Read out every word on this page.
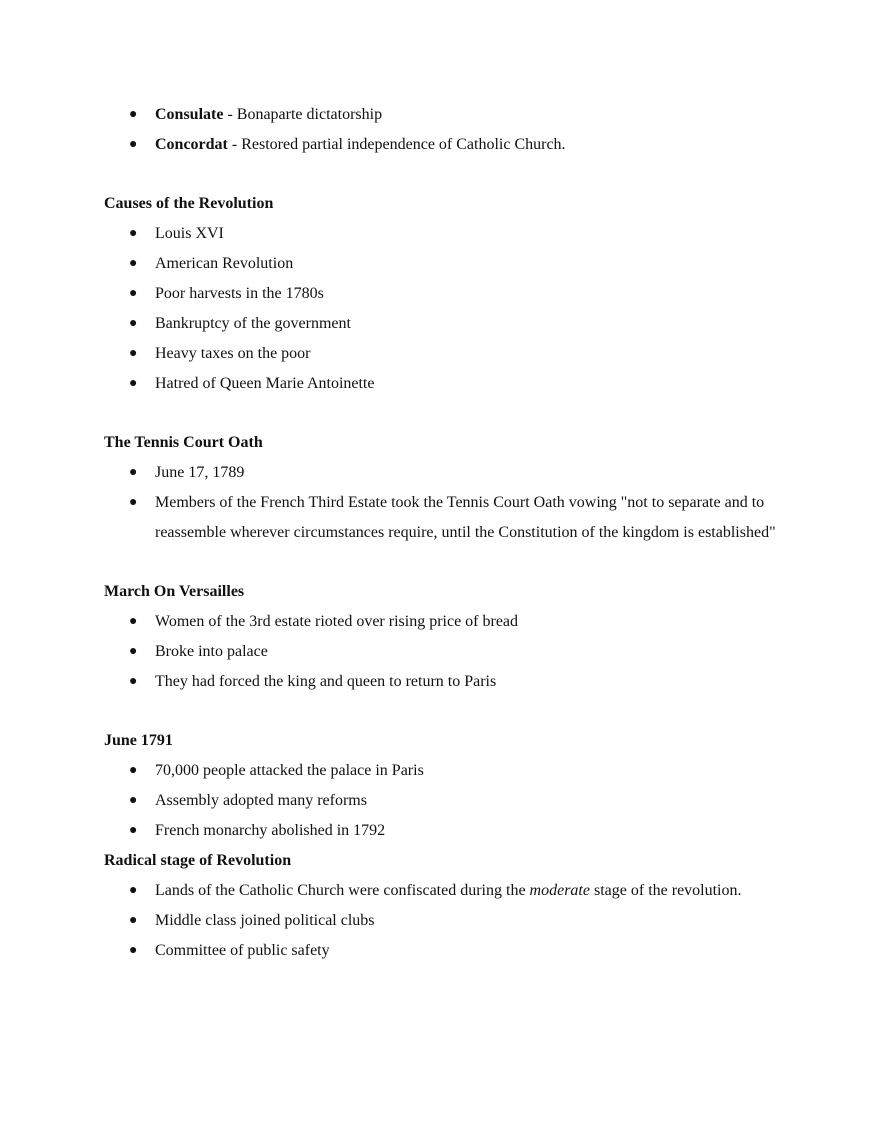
● Consulate - Bonaparte dictatorship
● Concordat - Restored partial independence of Catholic Church.

Causes of the Revolution

● Louis XVI
● American Revolution
● Poor harvests in the 1780s
● Bankruptcy of the government
● Heavy taxes on the poor
● Hatred of Queen Marie Antoinette

The Tennis Court Oath

● June 17, 1789
● Members of the French Third Estate took the Tennis Court Oath vowing "not to separate and to reassemble wherever circumstances require, until the Constitution of the kingdom is established"

March On Versailles

● Women of the 3rd estate rioted over rising price of bread
● Broke into palace
● They had forced the king and queen to return to Paris

June 1791

● 70,000 people attacked the palace in Paris
● Assembly adopted many reforms
● French monarchy abolished in 1792

Radical stage of Revolution

● Lands of the Catholic Church were confiscated during the moderate stage of the revolution.
● Middle class joined political clubs
● Committee of public safety
